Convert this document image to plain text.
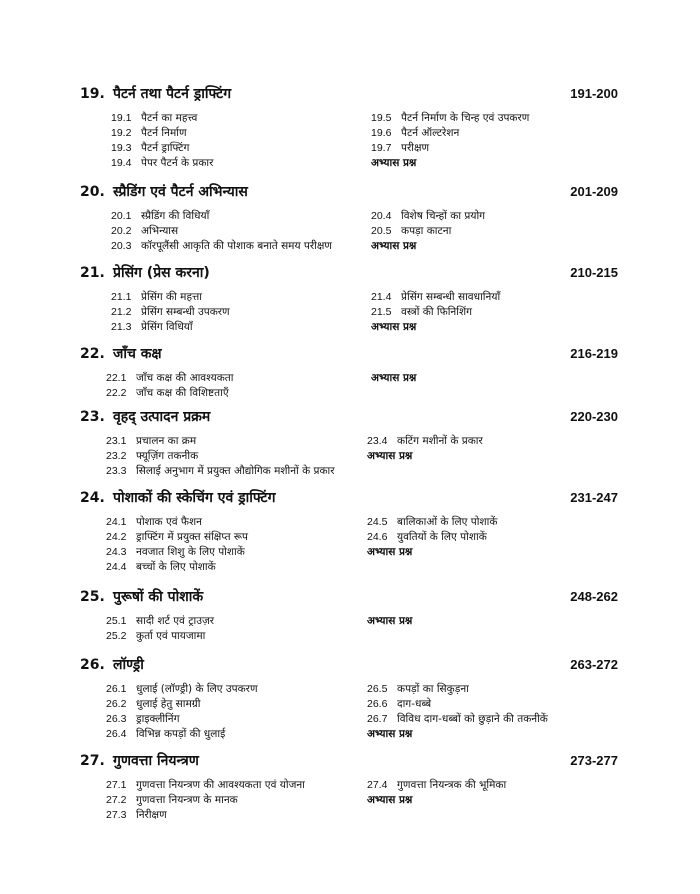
19. पैटर्न तथा पैटर्न ड्राफ्टिंग	191-200
19.1 पैटर्न का महत्त्व
19.2 पैटर्न निर्माण
19.3 पैटर्न ड्राफ्टिंग
19.4 पेपर पैटर्न के प्रकार
19.5 पैटर्न निर्माण के चिन्ह एवं उपकरण
19.6 पैटर्न ऑल्टरेशन
19.7 परीक्षण
अभ्यास प्रश्न
20. स्प्रैडिंग एवं पैटर्न अभिन्यास	201-209
20.1 स्प्रैडिंग की विधियाँ
20.2 अभिन्यास
20.3 कॉरपूलैंसी आकृति की पोशाक बनाते समय परीक्षण
20.4 विशेष चिन्हों का प्रयोग
20.5 कपड़ा काटना
अभ्यास प्रश्न
21. प्रेसिंग (प्रेस करना)	210-215
21.1 प्रेसिंग की महत्ता
21.2 प्रेसिंग सम्बन्धी उपकरण
21.3 प्रेसिंग विधियाँ
21.4 प्रेसिंग सम्बन्धी सावधानियाँ
21.5 वस्त्रों की फिनिशिंग
अभ्यास प्रश्न
22. जाँच कक्ष	216-219
22.1 जाँच कक्ष की आवश्यकता
22.2 जाँच कक्ष की विशिष्टताएँ
अभ्यास प्रश्न
23. वृहद् उत्पादन प्रक्रम	220-230
23.1 प्रचालन का क्रम
23.2 फ्यूज़िंग तकनीक
23.3 सिलाई अनुभाग में प्रयुक्त औद्योगिक मशीनों के प्रकार
23.4 कटिंग मशीनों के प्रकार
अभ्यास प्रश्न
24. पोशाकों की स्केचिंग एवं ड्राफ्टिंग	231-247
24.1 पोशाक एवं फैशन
24.2 ड्राफ्टिंग में प्रयुक्त संक्षिप्त रूप
24.3 नवजात शिशु के लिए पोशाकें
24.4 बच्चों के लिए पोशाकें
24.5 बालिकाओं के लिए पोशाकें
24.6 युवतियों के लिए पोशाकें
अभ्यास प्रश्न
25. पुरूषों की पोशाकें	248-262
25.1 सादी शर्ट एवं ट्राउज़र
25.2 कुर्ता एवं पायजामा
अभ्यास प्रश्न
26. लॉण्ड्री	263-272
26.1 धुलाई (लॉण्ड्री) के लिए उपकरण
26.2 धुलाई हेतु सामग्री
26.3 ड्राइक्लीनिंग
26.4 विभिन्न कपड़ों की धुलाई
26.5 कपड़ों का सिकुड़ना
26.6 दाग-धब्बे
26.7 विविध दाग-धब्बों को छुड़ाने की तकनीकें
अभ्यास प्रश्न
27. गुणवत्ता नियन्त्रण	273-277
27.1 गुणवत्ता नियन्त्रण की आवश्यकता एवं योजना
27.2 गुणवत्ता नियन्त्रण के मानक
27.3 निरीक्षण
27.4 गुणवत्ता नियन्त्रक की भूमिका
अभ्यास प्रश्न
